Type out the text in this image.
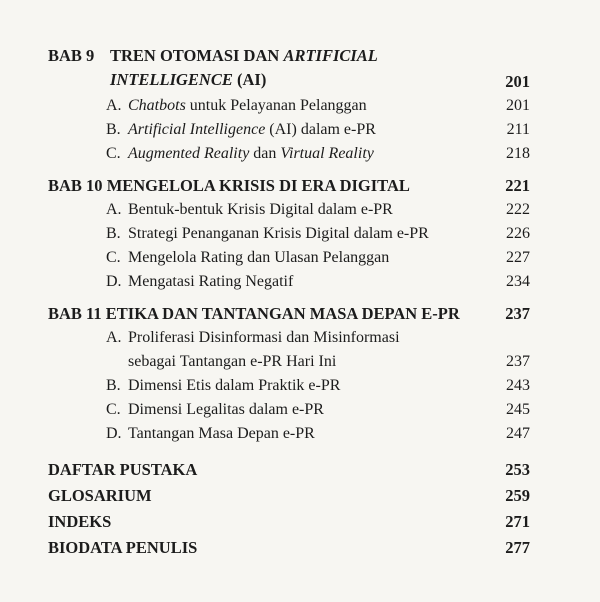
BAB 9 TREN OTOMASI DAN ARTIFICIAL
INTELLIGENCE (AI)	201
A. Chatbots untuk Pelayanan Pelanggan	201
B. Artificial Intelligence (AI) dalam e-PR	211
C. Augmented Reality dan Virtual Reality	218
BAB 10 MENGELOLA KRISIS DI ERA DIGITAL	221
A. Bentuk-bentuk Krisis Digital dalam e-PR	222
B. Strategi Penanganan Krisis Digital dalam e-PR	226
C. Mengelola Rating dan Ulasan Pelanggan	227
D. Mengatasi Rating Negatif	234
BAB 11 ETIKA DAN TANTANGAN MASA DEPAN E-PR	237
A. Proliferasi Disinformasi dan Misinformasi
sebagai Tantangan e-PR Hari Ini	237
B. Dimensi Etis dalam Praktik e-PR	243
C. Dimensi Legalitas dalam e-PR	245
D. Tantangan Masa Depan e-PR	247
DAFTAR PUSTAKA	253
GLOSARIUM	259
INDEKS	271
BIODATA PENULIS	277
